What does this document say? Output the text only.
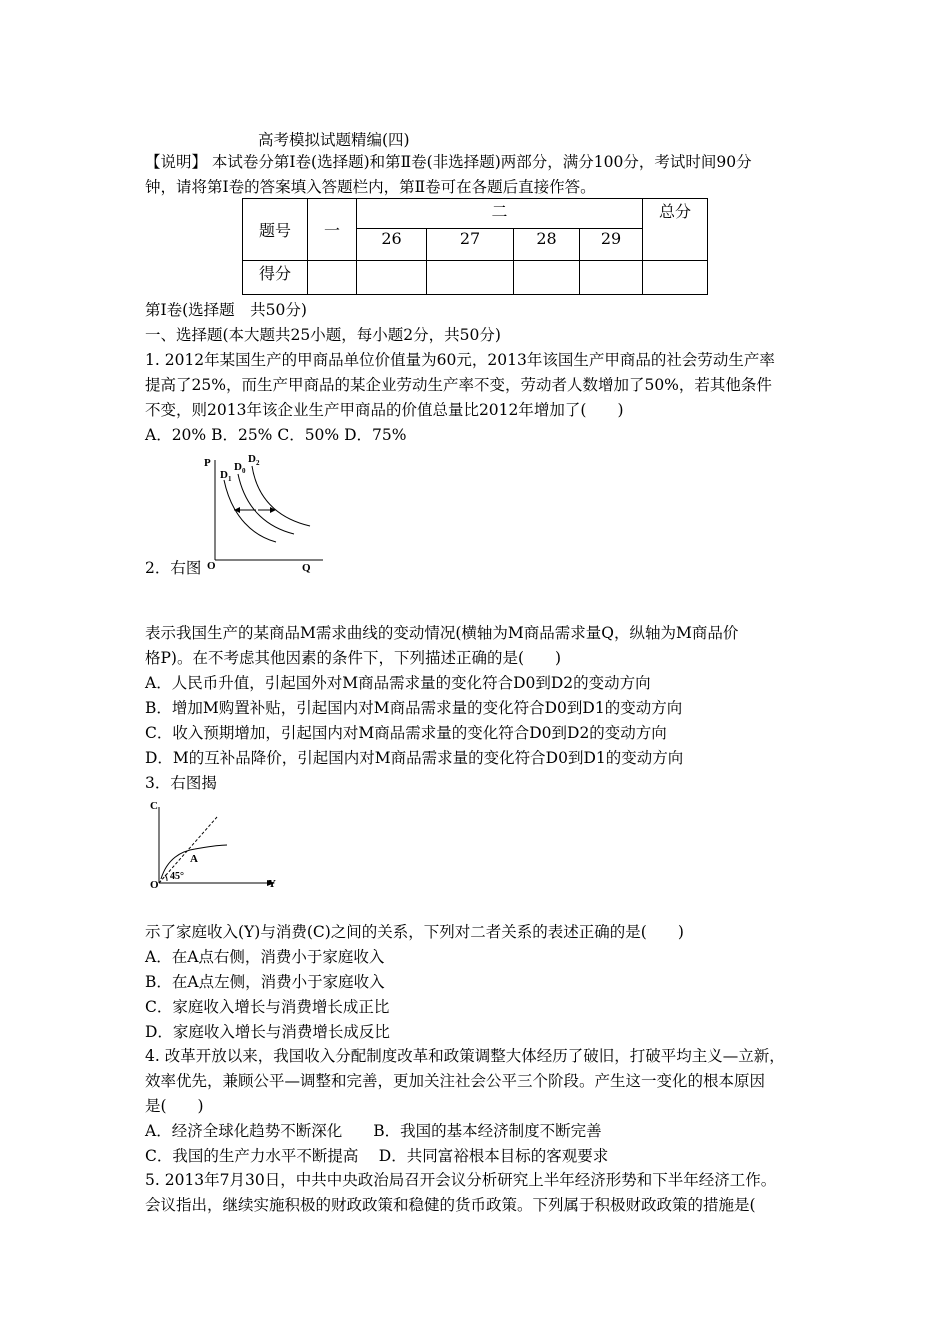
高考模拟试题精编(四)
【说明】 本试卷分第Ⅰ卷(选择题)和第Ⅱ卷(非选择题)两部分，满分100分，考试时间90分
钟，请将第Ⅰ卷的答案填入答题栏内，第Ⅱ卷可在各题后直接作答。
题号	一	二				总分
		26	27	28	29	
得分						
第Ⅰ卷(选择题　共50分)
一、选择题(本大题共25小题，每小题2分，共50分)
1. 2012年某国生产的甲商品单位价值量为60元，2013年该国生产甲商品的社会劳动生产率
提高了25%，而生产甲商品的某企业劳动生产率不变，劳动者人数增加了50%，若其他条件
不变，则2013年该企业生产甲商品的价值总量比2012年增加了(　　)
A．20% B．25% C．50% D．75%
P
Q
O
$D_1$
$D_0$
$D_2$
2．右图
表示我国生产的某商品M需求曲线的变动情况(横轴为M商品需求量Q，纵轴为M商品价
格P)。在不考虑其他因素的条件下，下列描述正确的是(　　)
A．人民币升值，引起国外对M商品需求量的变化符合D0到D2的变动方向
B．增加M购置补贴，引起国内对M商品需求量的变化符合D0到D1的变动方向
C．收入预期增加，引起国内对M商品需求量的变化符合D0到D2的变动方向
D．M的互补品降价，引起国内对M商品需求量的变化符合D0到D1的变动方向
3．右图揭
C
Y
O
A
45°
示了家庭收入(Y)与消费(C)之间的关系，下列对二者关系的表述正确的是(　　)
A．在A点右侧，消费小于家庭收入
B．在A点左侧，消费小于家庭收入
C．家庭收入增长与消费增长成正比
D．家庭收入增长与消费增长成反比
4. 改革开放以来，我国收入分配制度改革和政策调整大体经历了破旧，打破平均主义—立新，
效率优先，兼顾公平—调整和完善，更加关注社会公平三个阶段。产生这一变化的根本原因
是(　　)
A．经济全球化趋势不断深化　　B．我国的基本经济制度不断完善
C．我国的生产力水平不断提高　 D．共同富裕根本目标的客观要求
5. 2013年7月30日，中共中央政治局召开会议分析研究上半年经济形势和下半年经济工作。
会议指出，继续实施积极的财政政策和稳健的货币政策。下列属于积极财政政策的措施是(
